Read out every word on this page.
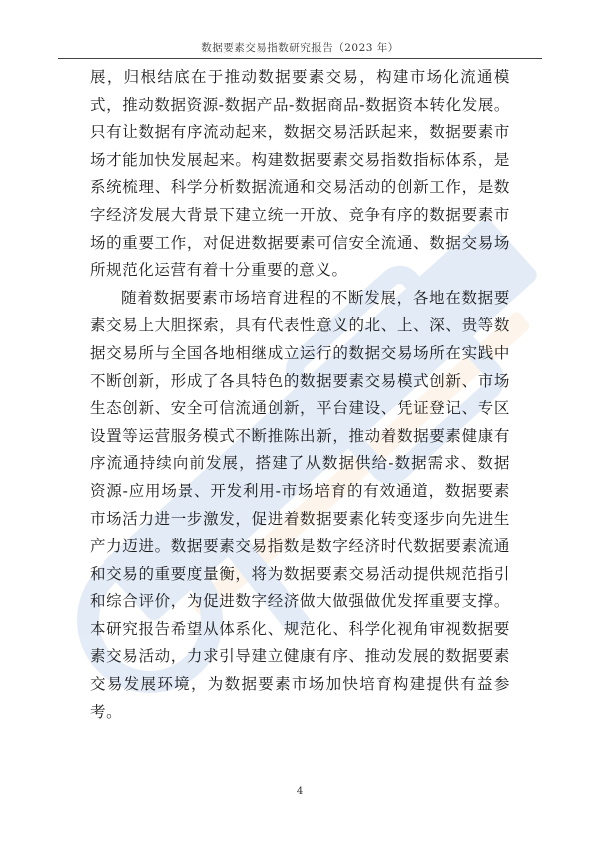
数据要素交易指数研究报告（2023 年）

展，归根结底在于推动数据要素交易，构建市场化流通模式，推动数据资源-数据产品-数据商品-数据资本转化发展。只有让数据有序流动起来，数据交易活跃起来，数据要素市场才能加快发展起来。构建数据要素交易指数指标体系，是系统梳理、科学分析数据流通和交易活动的创新工作，是数字经济发展大背景下建立统一开放、竞争有序的数据要素市场的重要工作，对促进数据要素可信安全流通、数据交易场所规范化运营有着十分重要的意义。

随着数据要素市场培育进程的不断发展，各地在数据要素交易上大胆探索，具有代表性意义的北、上、深、贵等数据交易所与全国各地相继成立运行的数据交易场所在实践中不断创新，形成了各具特色的数据要素交易模式创新、市场生态创新、安全可信流通创新，平台建设、凭证登记、专区设置等运营服务模式不断推陈出新，推动着数据要素健康有序流通持续向前发展，搭建了从数据供给-数据需求、数据资源-应用场景、开发利用-市场培育的有效通道，数据要素市场活力进一步激发，促进着数据要素化转变逐步向先进生产力迈进。数据要素交易指数是数字经济时代数据要素流通和交易的重要度量衡，将为数据要素交易活动提供规范指引和综合评价，为促进数字经济做大做强做优发挥重要支撑。本研究报告希望从体系化、规范化、科学化视角审视数据要素交易活动，力求引导建立健康有序、推动发展的数据要素交易发展环境，为数据要素市场加快培育构建提供有益参考。

4
